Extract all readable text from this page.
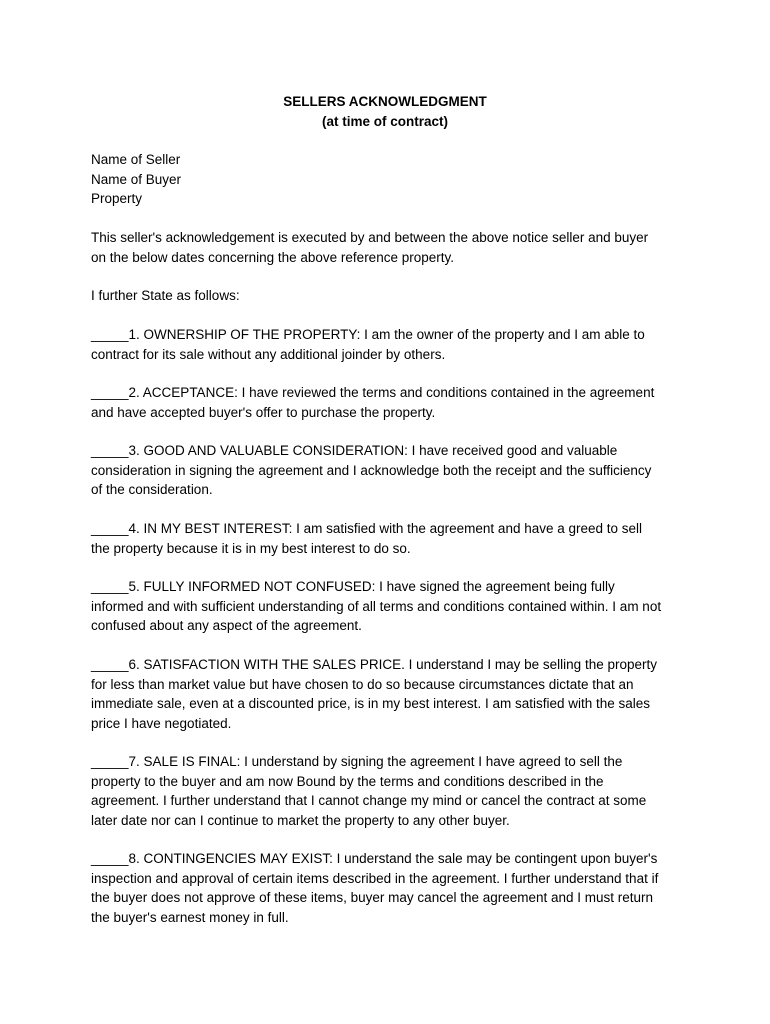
SELLERS ACKNOWLEDGMENT
(at time of contract)
Name of Seller
Name of Buyer
Property
This seller's acknowledgement is executed by and between the above notice seller and buyer
on the below dates concerning the above reference property.
I further State as follows:
_____1. OWNERSHIP OF THE PROPERTY: I am the owner of the property and I am able to
contract for its sale without any additional joinder by others.
_____2. ACCEPTANCE: I have reviewed the terms and conditions contained in the agreement
and have accepted buyer's offer to purchase the property.
_____3. GOOD AND VALUABLE CONSIDERATION: I have received good and valuable
consideration in signing the agreement and I acknowledge both the receipt and the sufficiency
of the consideration.
_____4. IN MY BEST INTEREST: I am satisfied with the agreement and have a greed to sell
the property because it is in my best interest to do so.
_____5. FULLY INFORMED NOT CONFUSED: I have signed the agreement being fully
informed and with sufficient understanding of all terms and conditions contained within. I am not
confused about any aspect of the agreement.
_____6. SATISFACTION WITH THE SALES PRICE. I understand I may be selling the property
for less than market value but have chosen to do so because circumstances dictate that an
immediate sale, even at a discounted price, is in my best interest. I am satisfied with the sales
price I have negotiated.
_____7. SALE IS FINAL: I understand by signing the agreement I have agreed to sell the
property to the buyer and am now Bound by the terms and conditions described in the
agreement. I further understand that I cannot change my mind or cancel the contract at some
later date nor can I continue to market the property to any other buyer.
_____8. CONTINGENCIES MAY EXIST: I understand the sale may be contingent upon buyer's
inspection and approval of certain items described in the agreement. I further understand that if
the buyer does not approve of these items, buyer may cancel the agreement and I must return
the buyer's earnest money in full.
